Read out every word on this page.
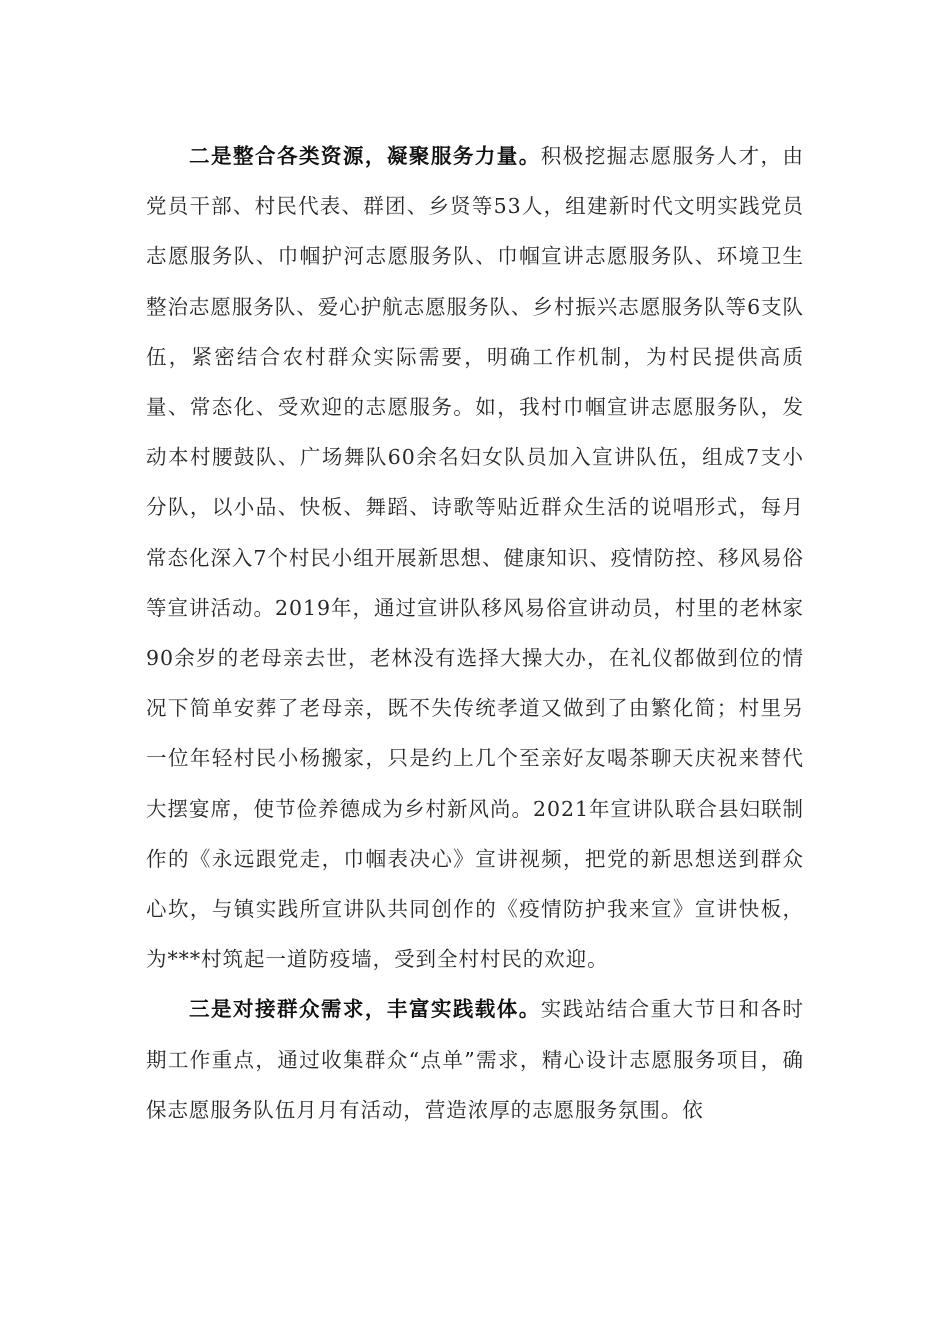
二是整合各类资源，凝聚服务力量。积极挖掘志愿服务人才，由党员干部、村民代表、群团、乡贤等53人，组建新时代文明实践党员志愿服务队、巾帼护河志愿服务队、巾帼宣讲志愿服务队、环境卫生整治志愿服务队、爱心护航志愿服务队、乡村振兴志愿服务队等6支队伍，紧密结合农村群众实际需要，明确工作机制，为村民提供高质量、常态化、受欢迎的志愿服务。如，我村巾帼宣讲志愿服务队，发动本村腰鼓队、广场舞队60余名妇女队员加入宣讲队伍，组成7支小分队，以小品、快板、舞蹈、诗歌等贴近群众生活的说唱形式，每月常态化深入7个村民小组开展新思想、健康知识、疫情防控、移风易俗等宣讲活动。2019年，通过宣讲队移风易俗宣讲动员，村里的老林家90余岁的老母亲去世，老林没有选择大操大办，在礼仪都做到位的情况下简单安葬了老母亲，既不失传统孝道又做到了由繁化简；村里另一位年轻村民小杨搬家，只是约上几个至亲好友喝茶聊天庆祝来替代大摆宴席，使节俭养德成为乡村新风尚。2021年宣讲队联合县妇联制作的《永远跟党走，巾帼表决心》宣讲视频，把党的新思想送到群众心坎，与镇实践所宣讲队共同创作的《疫情防护我来宣》宣讲快板，为***村筑起一道防疫墙，受到全村村民的欢迎。

三是对接群众需求，丰富实践载体。实践站结合重大节日和各时期工作重点，通过收集群众“点单”需求，精心设计志愿服务项目，确保志愿服务队伍月月有活动，营造浓厚的志愿服务氛围。依
